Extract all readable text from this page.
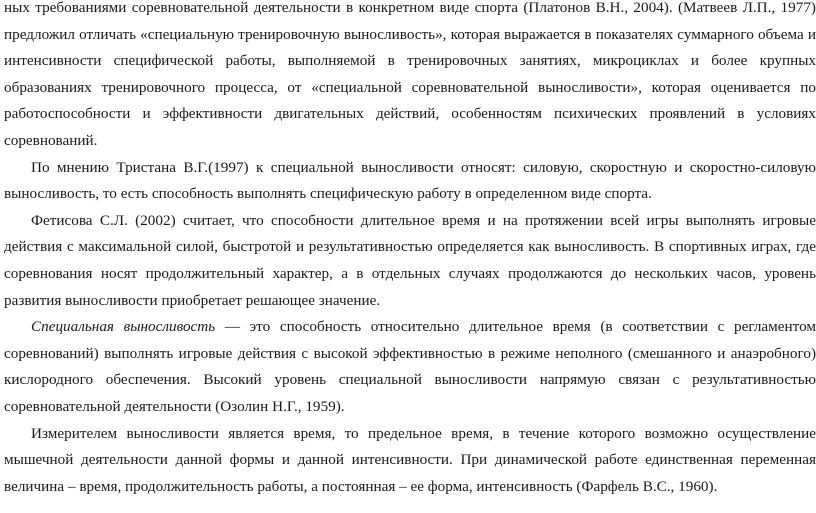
ных требованиями соревновательной деятельности в конкретном виде спорта (Платонов В.Н., 2004). (Матвеев Л.П., 1977) предложил отличать «специальную тренировочную выносливость», которая выражается в показателях суммарного объема и интенсивности специфической работы, выполняемой в тренировочных занятиях, микроциклах и более крупных образованиях тренировочного процесса, от «специальной соревновательной выносливости», которая оценивается по работоспособности и эффективности двигательных действий, особенностям психических проявлений в условиях соревнований.

По мнению Тристана В.Г.(1997) к специальной выносливости относят: силовую, скоростную и скоростно-силовую выносливость, то есть способность выполнять специфическую работу в определенном виде спорта.

Фетисова С.Л. (2002) считает, что способности длительное время и на протяжении всей игры выполнять игровые действия с максимальной силой, быстротой и результативностью определяется как выносливость. В спортивных играх, где соревнования носят продолжительный характер, а в отдельных случаях продолжаются до нескольких часов, уровень развития выносливости приобретает решающее значение.

Специальная выносливость — это способность относительно длительное время (в соответствии с регламентом соревнований) выполнять игровые действия с высокой эффективностью в режиме неполного (смешанного и анаэробного) кислородного обеспечения. Высокий уровень специальной выносливости напрямую связан с результативностью соревновательной деятельности (Озолин Н.Г., 1959).

Измерителем выносливости является время, то предельное время, в течение которого возможно осуществление мышечной деятельности данной формы и данной интенсивности. При динамической работе единственная переменная величина – время, продолжительность работы, а постоянная – ее форма, интенсивность (Фарфель В.С., 1960).
